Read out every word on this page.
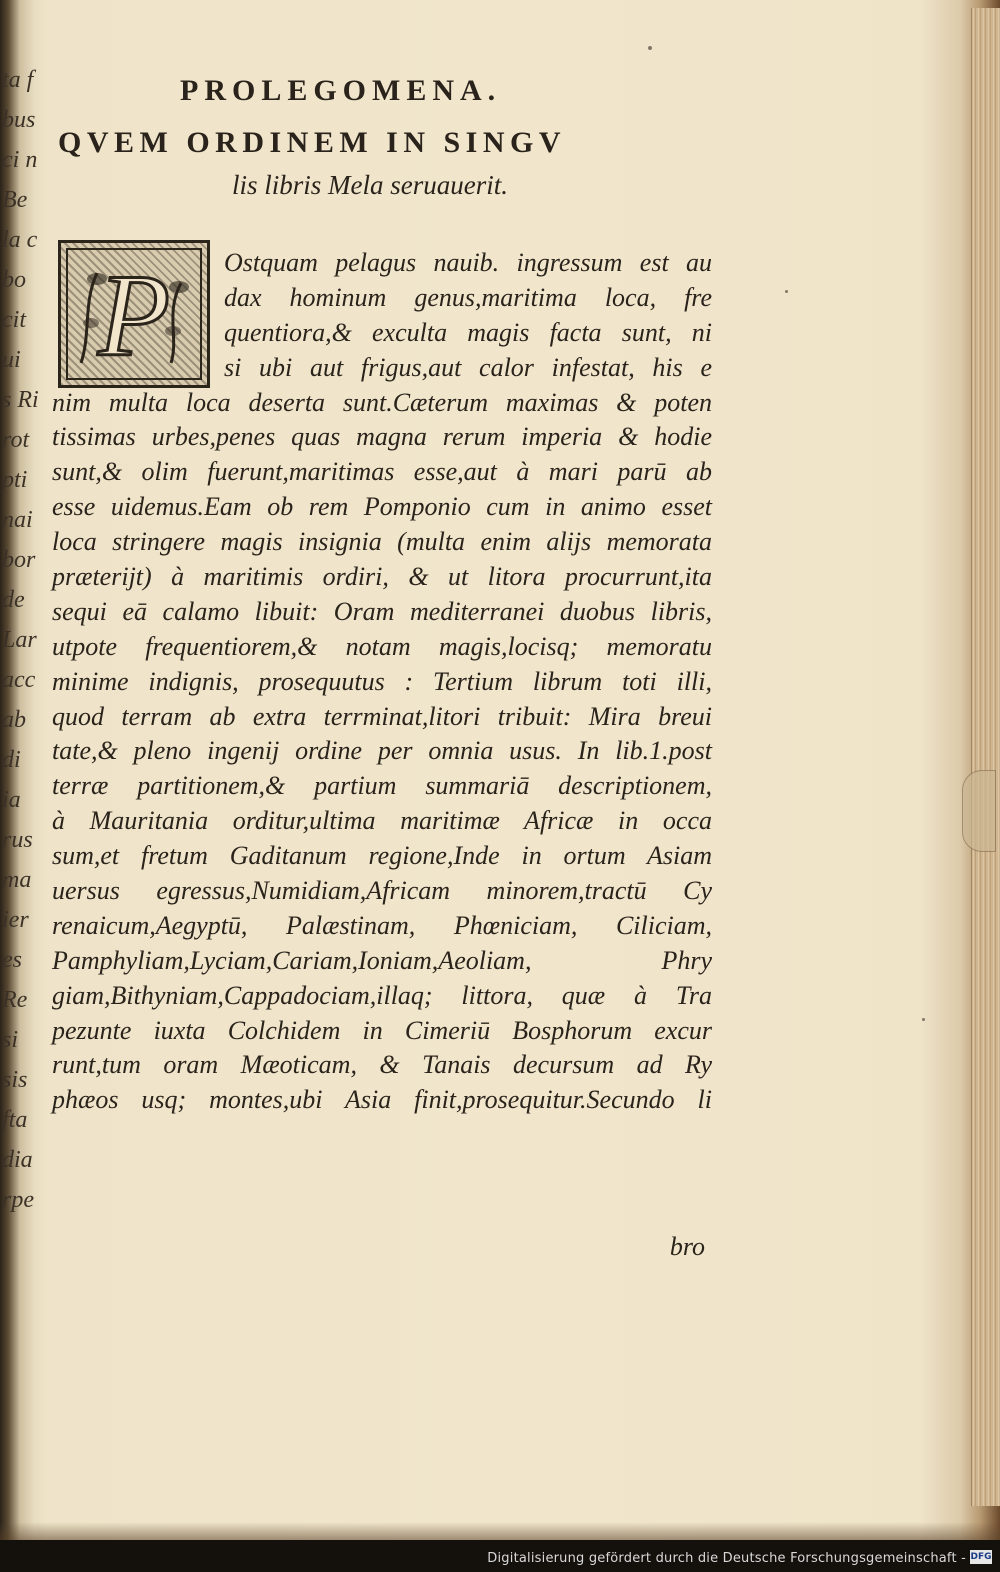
ta f
bus
ci n
Be
la c
bo
cit
ui
s Ri
rot
pti
nai
bor
de
Lar
acc
ab
di
ia
rus
ma
ier
es
Re
si
sis
fta
dia
rpe
PROLEGOMENA.
QVEM ORDINEM IN SINGV
lis libris Mela seruauerit.
P	Ostquam pelagus nauib. ingressum est au
dax hominum genus,maritima loca, fre
quentiora,& exculta magis facta sunt, ni
si ubi aut frigus,aut calor infestat, his e
nim multa loca deserta sunt.Cæterum maximas & poten
tissimas urbes,penes quas magna rerum imperia & hodie
sunt,& olim fuerunt,maritimas esse,aut à mari parū ab
esse uidemus.Eam ob rem Pomponio cum in animo esset
loca stringere magis insignia (multa enim alijs memorata
præterijt) à maritimis ordiri, & ut litora procurrunt,ita
sequi eā calamo libuit: Oram mediterranei duobus libris,
utpote frequentiorem,& notam magis,locisq; memoratu
minime indignis, prosequutus : Tertium librum toti illi,
quod terram ab extra terrminat,litori tribuit: Mira breui
tate,& pleno ingenij ordine per omnia usus. In lib.1.post
terræ partitionem,& partium summariā descriptionem,
à Mauritania orditur,ultima maritimæ Africæ in occa
sum,et fretum Gaditanum regione,Inde in ortum Asiam
uersus egressus,Numidiam,Africam minorem,tractū Cy
renaicum,Aegyptū, Palæstinam, Phœniciam, Ciliciam,
Pamphyliam,Lyciam,Cariam,Ioniam,Aeoliam, Phry
giam,Bithyniam,Cappadociam,illaq; littora, quæ à Tra
pezunte iuxta Colchidem in Cimeriū Bosphorum excur
runt,tum oram Mæoticam, & Tanais decursum ad Ry
phæos usq; montes,ubi Asia finit,prosequitur.Secundo li
bro
Digitalisierung gefördert durch die Deutsche Forschungsgemeinschaft - DFG
